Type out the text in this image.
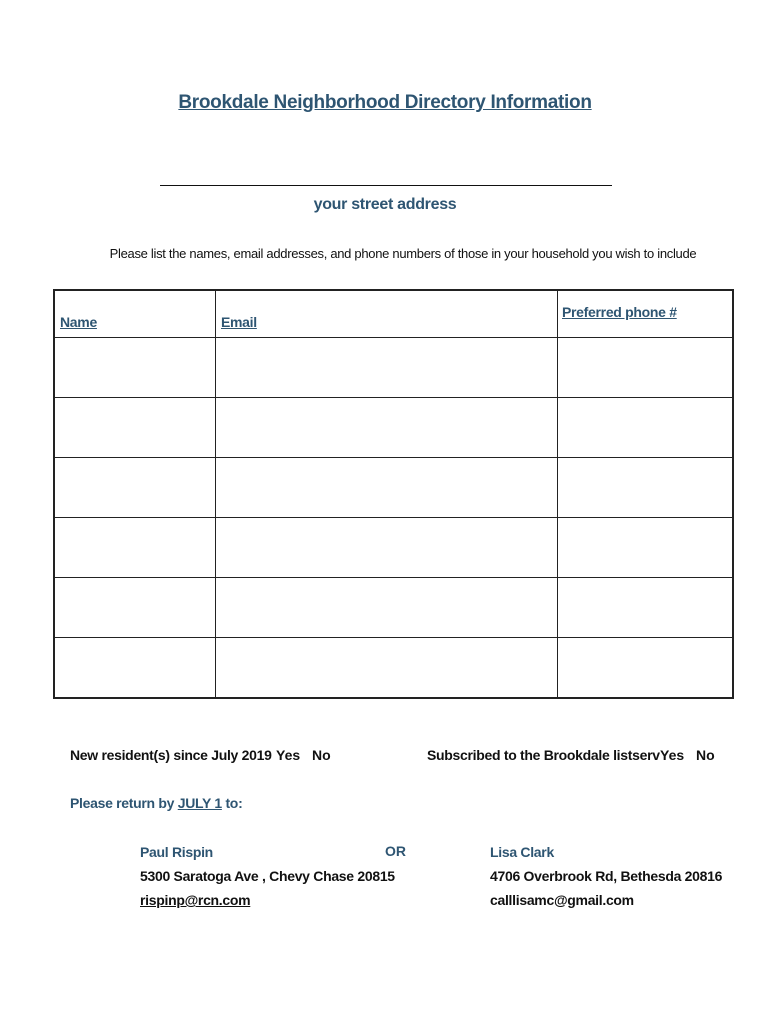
Brookdale Neighborhood Directory Information
your street address
Please list the names, email addresses, and phone numbers of those in your household you wish to include
Name	Email	Preferred phone #

New resident(s) since July 2019 Yes No	Subscribed to the Brookdale listserv Yes No
Please return by JULY 1 to:
Paul Rispin
5300 Saratoga Ave , Chevy Chase 20815
rispinp@rcn.com
OR	Lisa Clark
4706 Overbrook Rd, Bethesda 20816
calllisamc@gmail.com
